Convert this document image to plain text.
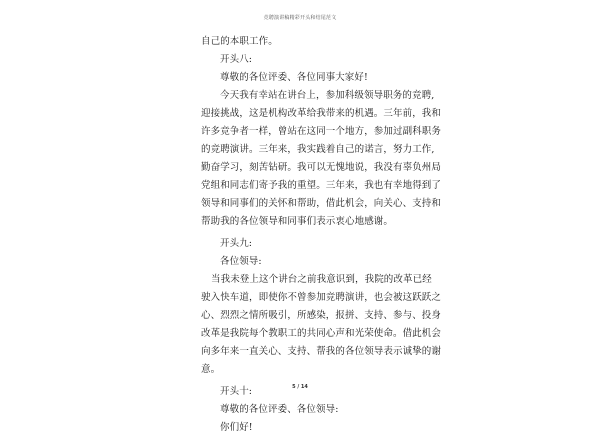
竞聘演讲稿精彩开头和结尾范文
自己的本职工作。
开头八:
尊敬的各位评委、各位同事大家好!
今天我有幸站在讲台上，参加科级领导职务的竞聘,
迎接挑战，这是机构改革给我带来的机遇。三年前，我和
许多竞争者一样，曾站在这同一个地方，参加过副科职务
的竞聘演讲。三年来，我实践着自己的诺言，努力工作,
勤奋学习，刻苦钻研。我可以无愧地说，我没有辜负州局
党组和同志们寄予我的重望。三年来，我也有幸地得到了
领导和同事们的关怀和帮助，借此机会，向关心、支持和
帮助我的各位领导和同事们表示衷心地感谢。
开头九:
各位领导:
当我未登上这个讲台之前我意识到，我院的改革已经
驶入快车道，即使你不曾参加竞聘演讲，也会被这跃跃之
心、烈烈之情所吸引，所感染，报拼、支持、参与、投身
改革是我院每个教职工的共同心声和光荣使命。借此机会
向多年来一直关心、支持、帮我的各位领导表示诚挚的谢
意。
开头十:
尊敬的各位评委、各位领导:
你们好!
5 / 14
